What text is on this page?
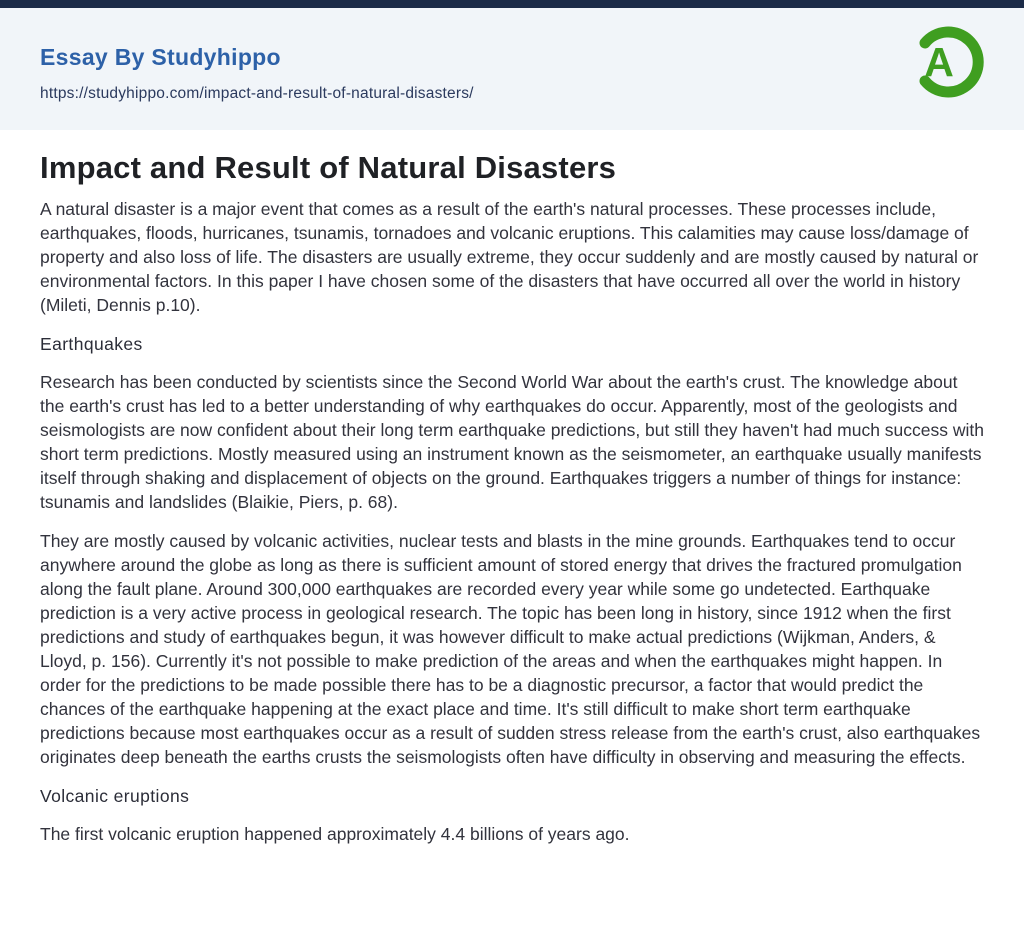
Essay By Studyhippo
https://studyhippo.com/impact-and-result-of-natural-disasters/
A
Impact and Result of Natural Disasters

A natural disaster is a major event that comes as a result of the earth's natural processes. These processes include, earthquakes, floods, hurricanes, tsunamis, tornadoes and volcanic eruptions. This calamities may cause loss/damage of property and also loss of life. The disasters are usually extreme, they occur suddenly and are mostly caused by natural or environmental factors. In this paper I have chosen some of the disasters that have occurred all over the world in history (Mileti, Dennis p.10).

Earthquakes

Research has been conducted by scientists since the Second World War about the earth's crust. The knowledge about the earth's crust has led to a better understanding of why earthquakes do occur. Apparently, most of the geologists and seismologists are now confident about their long term earthquake predictions, but still they haven't had much success with short term predictions. Mostly measured using an instrument known as the seismometer, an earthquake usually manifests itself through shaking and displacement of objects on the ground. Earthquakes triggers a number of things for instance: tsunamis and landslides (Blaikie, Piers, p. 68).

They are mostly caused by volcanic activities, nuclear tests and blasts in the mine grounds. Earthquakes tend to occur anywhere around the globe as long as there is sufficient amount of stored energy that drives the fractured promulgation along the fault plane. Around 300,000 earthquakes are recorded every year while some go undetected. Earthquake prediction is a very active process in geological research. The topic has been long in history, since 1912 when the first predictions and study of earthquakes begun, it was however difficult to make actual predictions (Wijkman, Anders, & Lloyd, p. 156). Currently it's not possible to make prediction of the areas and when the earthquakes might happen. In order for the predictions to be made possible there has to be a diagnostic precursor, a factor that would predict the chances of the earthquake happening at the exact place and time. It's still difficult to make short term earthquake predictions because most earthquakes occur as a result of sudden stress release from the earth's crust, also earthquakes originates deep beneath the earths crusts the seismologists often have difficulty in observing and measuring the effects.

Volcanic eruptions

The first volcanic eruption happened approximately 4.4 billions of years ago.
